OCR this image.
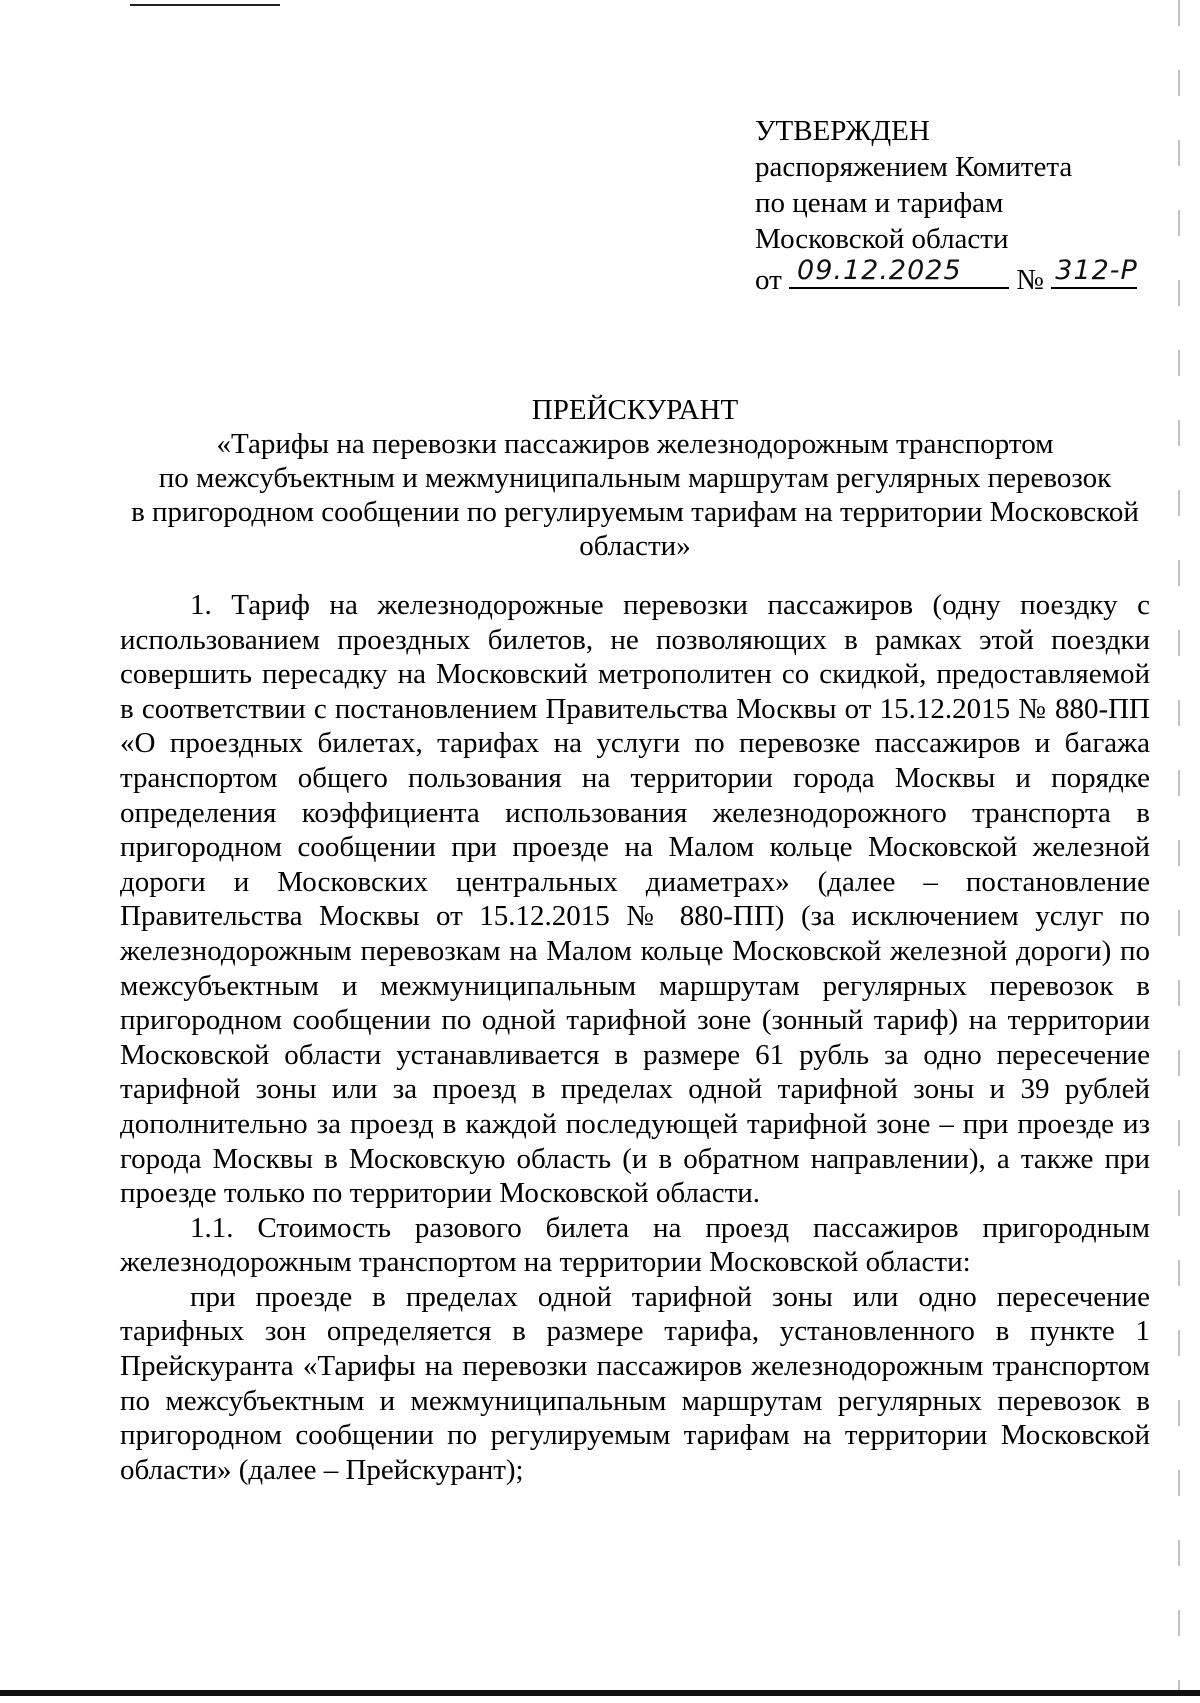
УТВЕРЖДЕН
распоряжением Комитета
по ценам и тарифам
Московской области
от 09.12.2025 № 312-Р
ПРЕЙСКУРАНТ
«Тарифы на перевозки пассажиров железнодорожным транспортом
по межсубъектным и межмуниципальным маршрутам регулярных перевозок
в пригородном сообщении по регулируемым тарифам на территории Московской
области»

1. Тариф на железнодорожные перевозки пассажиров (одну поездку с использованием проездных билетов, не позволяющих в рамках этой поездки совершить пересадку на Московский метрополитен со скидкой, предоставляемой в соответствии с постановлением Правительства Москвы от 15.12.2015 № 880-ПП «О проездных билетах, тарифах на услуги по перевозке пассажиров и багажа транспортом общего пользования на территории города Москвы и порядке определения коэффициента использования железнодорожного транспорта в пригородном сообщении при проезде на Малом кольце Московской железной дороги и Московских центральных диаметрах» (далее – постановление Правительства Москвы от 15.12.2015 № 880-ПП) (за исключением услуг по железнодорожным перевозкам на Малом кольце Московской железной дороги) по межсубъектным и межмуниципальным маршрутам регулярных перевозок в пригородном сообщении по одной тарифной зоне (зонный тариф) на территории Московской области устанавливается в размере 61 рубль за одно пересечение тарифной зоны или за проезд в пределах одной тарифной зоны и 39 рублей дополнительно за проезд в каждой последующей тарифной зоне – при проезде из города Москвы в Московскую область (и в обратном направлении), а также при проезде только по территории Московской области.

1.1. Стоимость разового билета на проезд пассажиров пригородным железнодорожным транспортом на территории Московской области:

при проезде в пределах одной тарифной зоны или одно пересечение тарифных зон определяется в размере тарифа, установленного в пункте 1 Прейскуранта «Тарифы на перевозки пассажиров железнодорожным транспортом по межсубъектным и межмуниципальным маршрутам регулярных перевозок в пригородном сообщении по регулируемым тарифам на территории Московской области» (далее – Прейскурант);
